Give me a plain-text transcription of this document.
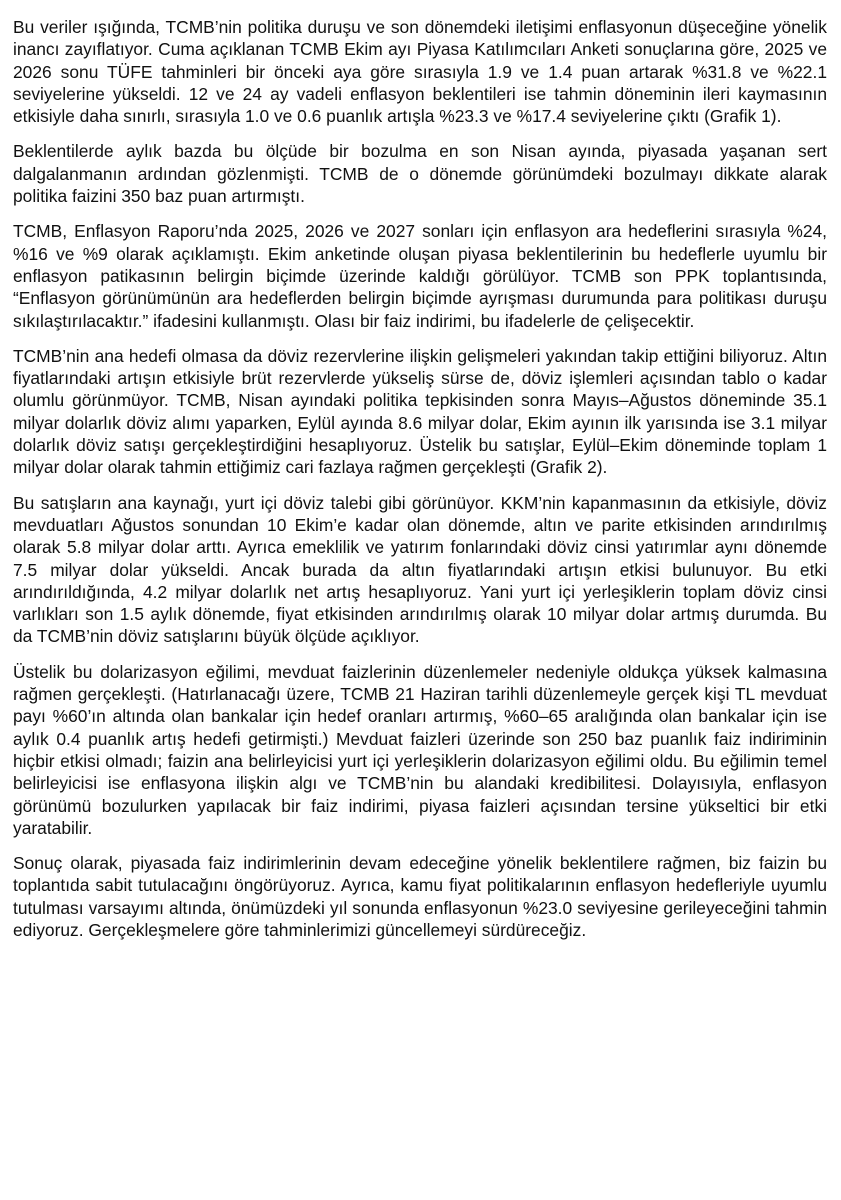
Bu veriler ışığında, TCMB’nin politika duruşu ve son dönemdeki iletişimi enflasyonun düşeceğine yönelik inancı zayıflatıyor. Cuma açıklanan TCMB Ekim ayı Piyasa Katılımcıları Anketi sonuçlarına göre, 2025 ve 2026 sonu TÜFE tahminleri bir önceki aya göre sırasıyla 1.9 ve 1.4 puan artarak %31.8 ve %22.1 seviyelerine yükseldi. 12 ve 24 ay vadeli enflasyon beklentileri ise tahmin döneminin ileri kaymasının etkisiyle daha sınırlı, sırasıyla 1.0 ve 0.6 puanlık artışla %23.3 ve %17.4 seviyelerine çıktı (Grafik 1).

Beklentilerde aylık bazda bu ölçüde bir bozulma en son Nisan ayında, piyasada yaşanan sert dalgalanmanın ardından gözlenmişti. TCMB de o dönemde görünümdeki bozulmayı dikkate alarak politika faizini 350 baz puan artırmıştı.

TCMB, Enflasyon Raporu’nda 2025, 2026 ve 2027 sonları için enflasyon ara hedeflerini sırasıyla %24, %16 ve %9 olarak açıklamıştı. Ekim anketinde oluşan piyasa beklentilerinin bu hedeflerle uyumlu bir enflasyon patikasının belirgin biçimde üzerinde kaldığı görülüyor. TCMB son PPK toplantısında, “Enflasyon görünümünün ara hedeflerden belirgin biçimde ayrışması durumunda para politikası duruşu sıkılaştırılacaktır.” ifadesini kullanmıştı. Olası bir faiz indirimi, bu ifadelerle de çelişecektir.

TCMB’nin ana hedefi olmasa da döviz rezervlerine ilişkin gelişmeleri yakından takip ettiğini biliyoruz. Altın fiyatlarındaki artışın etkisiyle brüt rezervlerde yükseliş sürse de, döviz işlemleri açısından tablo o kadar olumlu görünmüyor. TCMB, Nisan ayındaki politika tepkisinden sonra Mayıs–Ağustos döneminde 35.1 milyar dolarlık döviz alımı yaparken, Eylül ayında 8.6 milyar dolar, Ekim ayının ilk yarısında ise 3.1 milyar dolarlık döviz satışı gerçekleştirdiğini hesaplıyoruz. Üstelik bu satışlar, Eylül–Ekim döneminde toplam 1 milyar dolar olarak tahmin ettiğimiz cari fazlaya rağmen gerçekleşti (Grafik 2).

Bu satışların ana kaynağı, yurt içi döviz talebi gibi görünüyor. KKM’nin kapanmasının da etkisiyle, döviz mevduatları Ağustos sonundan 10 Ekim’e kadar olan dönemde, altın ve parite etkisinden arındırılmış olarak 5.8 milyar dolar arttı. Ayrıca emeklilik ve yatırım fonlarındaki döviz cinsi yatırımlar aynı dönemde 7.5 milyar dolar yükseldi. Ancak burada da altın fiyatlarındaki artışın etkisi bulunuyor. Bu etki arındırıldığında, 4.2 milyar dolarlık net artış hesaplıyoruz. Yani yurt içi yerleşiklerin toplam döviz cinsi varlıkları son 1.5 aylık dönemde, fiyat etkisinden arındırılmış olarak 10 milyar dolar artmış durumda. Bu da TCMB’nin döviz satışlarını büyük ölçüde açıklıyor.

Üstelik bu dolarizasyon eğilimi, mevduat faizlerinin düzenlemeler nedeniyle oldukça yüksek kalmasına rağmen gerçekleşti. (Hatırlanacağı üzere, TCMB 21 Haziran tarihli düzenlemeyle gerçek kişi TL mevduat payı %60’ın altında olan bankalar için hedef oranları artırmış, %60–65 aralığında olan bankalar için ise aylık 0.4 puanlık artış hedefi getirmişti.) Mevduat faizleri üzerinde son 250 baz puanlık faiz indiriminin hiçbir etkisi olmadı; faizin ana belirleyicisi yurt içi yerleşiklerin dolarizasyon eğilimi oldu. Bu eğilimin temel belirleyicisi ise enflasyona ilişkin algı ve TCMB’nin bu alandaki kredibilitesi. Dolayısıyla, enflasyon görünümü bozulurken yapılacak bir faiz indirimi, piyasa faizleri açısından tersine yükseltici bir etki yaratabilir.

Sonuç olarak, piyasada faiz indirimlerinin devam edeceğine yönelik beklentilere rağmen, biz faizin bu toplantıda sabit tutulacağını öngörüyoruz. Ayrıca, kamu fiyat politikalarının enflasyon hedefleriyle uyumlu tutulması varsayımı altında, önümüzdeki yıl sonunda enflasyonun %23.0 seviyesine gerileyeceğini tahmin ediyoruz. Gerçekleşmelere göre tahminlerimizi güncellemeyi sürdüreceğiz.
